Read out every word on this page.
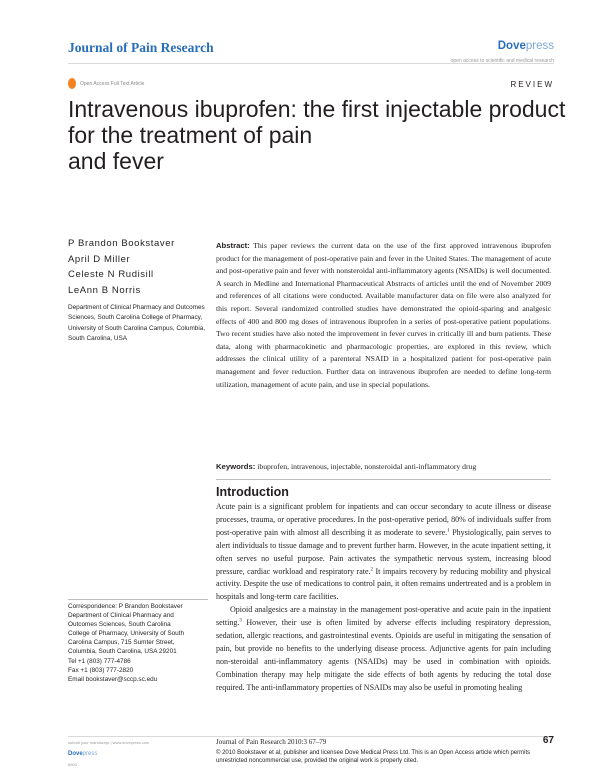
Journal of Pain Research	Dovepress
open access to scientific and medical research
Open Access Full Text Article	REVIEW
Intravenous ibuprofen: the first injectable product
for the treatment of pain
and fever
P Brandon Bookstaver
April D Miller
Celeste N Rudisill
LeAnn B Norris
Department of Clinical Pharmacy and Outcomes Sciences, South Carolina College of Pharmacy, University of South Carolina Campus, Columbia, South Carolina, USA
Abstract: This paper reviews the current data on the use of the first approved intravenous ibuprofen product for the management of post-operative pain and fever in the United States. The management of acute and post-operative pain and fever with nonsteroidal anti-inflammatory agents (NSAIDs) is well documented. A search in Medline and International Pharmaceutical Abstracts of articles until the end of November 2009 and references of all citations were conducted. Available manufacturer data on file were also analyzed for this report. Several randomized controlled studies have demonstrated the opioid-sparing and analgesic effects of 400 and 800 mg doses of intravenous ibuprofen in a series of post-operative patient populations. Two recent studies have also noted the improvement in fever curves in critically ill and burn patients. These data, along with pharmacokinetic and pharmacologic properties, are explored in this review, which addresses the clinical utility of a parenteral NSAID in a hospitalized patient for post-operative pain management and fever reduction. Further data on intravenous ibuprofen are needed to define long-term utilization, management of acute pain, and use in special populations.
Keywords: ibuprofen, intravenous, injectable, nonsteroidal anti-inflammatory drug
Introduction

Acute pain is a significant problem for inpatients and can occur secondary to acute illness or disease processes, trauma, or operative procedures. In the post-operative period, 80% of individuals suffer from post-operative pain with almost all describing it as moderate to severe.$^1$ Physiologically, pain serves to alert individuals to tissue damage and to prevent further harm. However, in the acute inpatient setting, it often serves no useful purpose. Pain activates the sympathetic nervous system, increasing blood pressure, cardiac workload and respiratory rate.$^2$ It impairs recovery by reducing mobility and physical activity. Despite the use of medications to control pain, it often remains undertreated and is a problem in hospitals and long-term care facilities.

Opioid analgesics are a mainstay in the management post-operative and acute pain in the inpatient setting.$^3$ However, their use is often limited by adverse effects including respiratory depression, sedation, allergic reactions, and gastrointestinal events. Opioids are useful in mitigating the sensation of pain, but provide no benefits to the underlying disease process. Adjunctive agents for pain including non-steroidal anti-inflammatory agents (NSAIDs) may be used in combination with opioids. Combination therapy may help mitigate the side effects of both agents by reducing the total dose required. The anti-inflammatory properties of NSAIDs may also be useful in promoting healing

Correspondence: P Brandon Bookstaver
Department of Clinical Pharmacy and
Outcomes Sciences, South Carolina
College of Pharmacy, University of South
Carolina Campus, 715 Sumter Street,
Columbia, South Carolina, USA 29201
Tel +1 (803) 777-4786
Fax +1 (803) 777-2820
Email bookstaver@sccp.sc.edu
submit your manuscript | www.dovepress.com
Dovepress
6903
Journal of Pain Research 2010:3 67–79	67
© 2010 Bookstaver et al, publisher and licensee Dove Medical Press Ltd. This is an Open Access article which permits unrestricted noncommercial use, provided the original work is properly cited.
